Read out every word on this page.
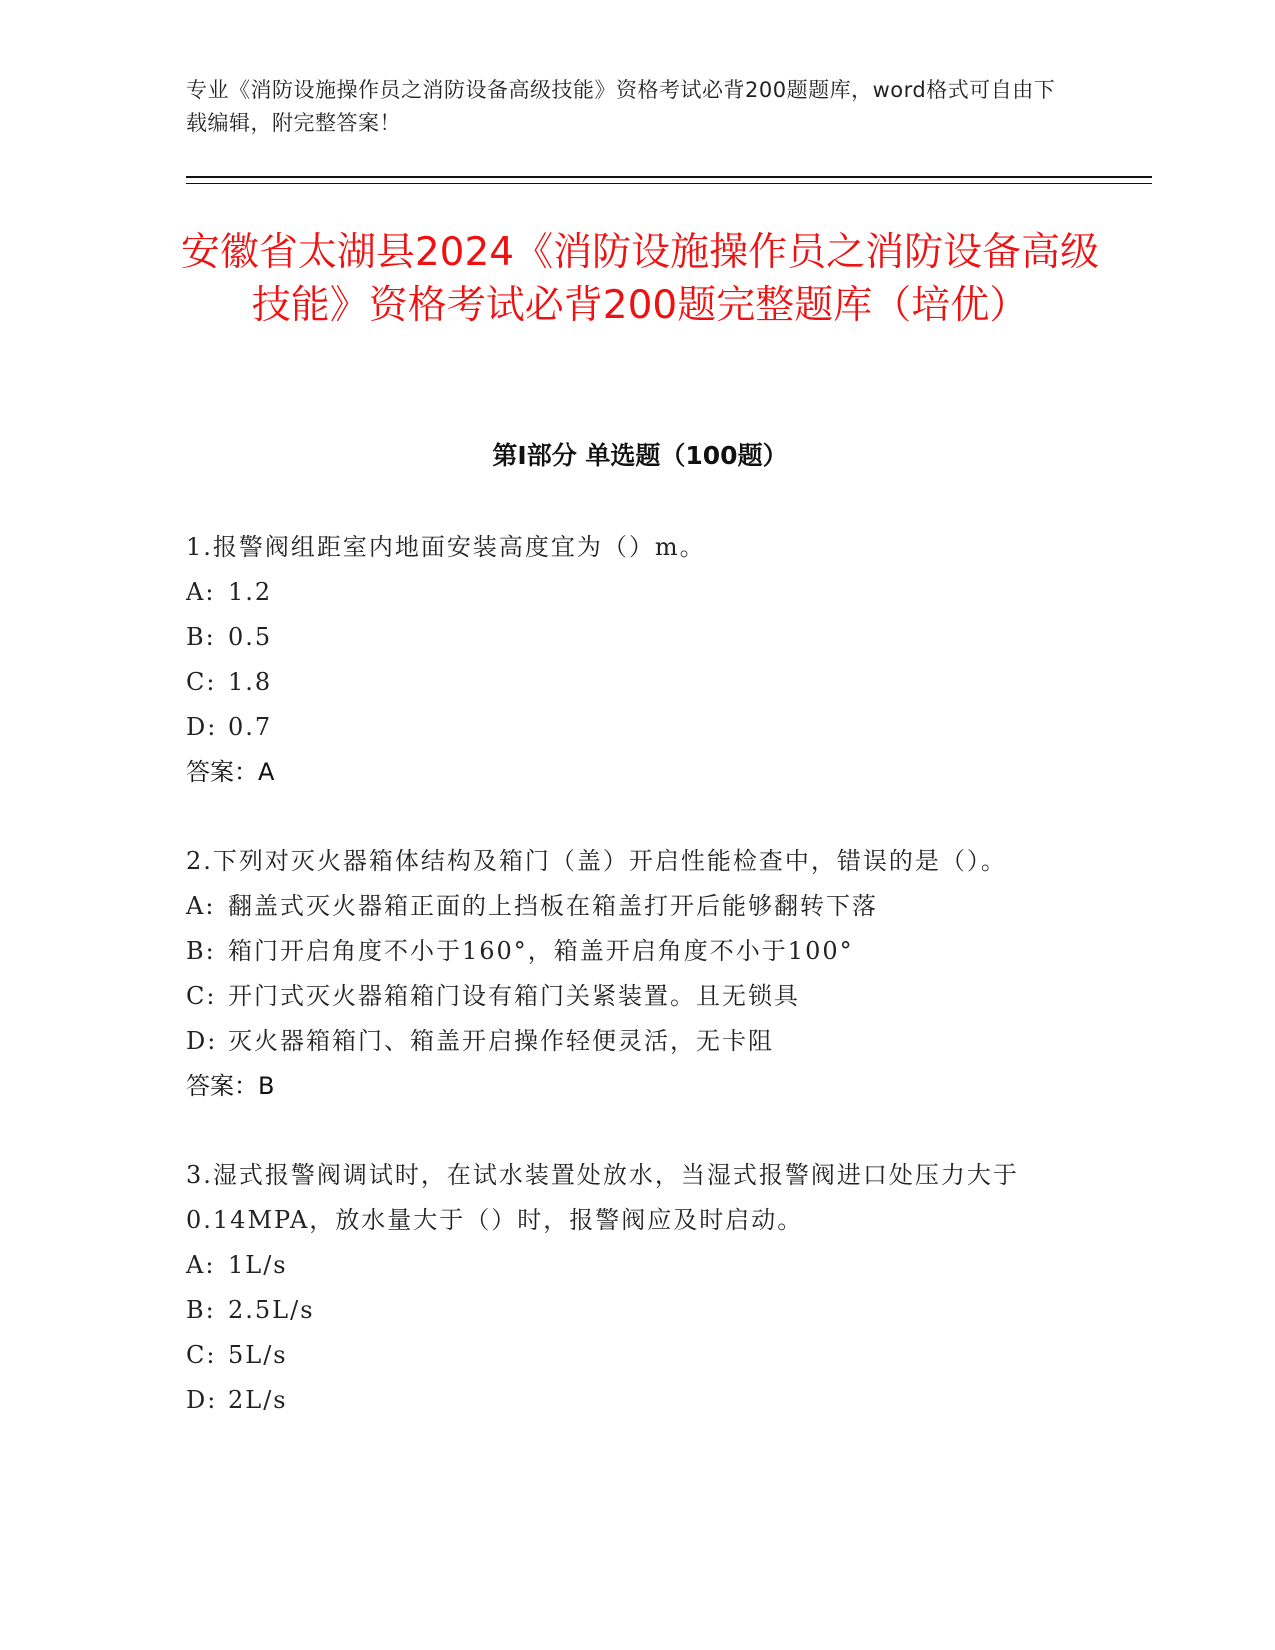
专业《消防设施操作员之消防设备高级技能》资格考试必背200题题库，word格式可自由下载编辑，附完整答案！
安徽省太湖县2024《消防设施操作员之消防设备高级技能》资格考试必背200题完整题库（培优）
第Ⅰ部分 单选题（100题）
1.报警阀组距室内地面安装高度宜为（）m。
A: 1.2
B: 0.5
C: 1.8
D: 0.7
答案：A
2.下列对灭火器箱体结构及箱门（盖）开启性能检查中，错误的是（）。
A: 翻盖式灭火器箱正面的上挡板在箱盖打开后能够翻转下落
B: 箱门开启角度不小于160°，箱盖开启角度不小于100°
C: 开门式灭火器箱箱门设有箱门关紧装置。且无锁具
D: 灭火器箱箱门、箱盖开启操作轻便灵活，无卡阻
答案：B
3.湿式报警阀调试时，在试水装置处放水，当湿式报警阀进口处压力大于0.14MPA，放水量大于（）时，报警阀应及时启动。
A: 1L/s
B: 2.5L/s
C: 5L/s
D: 2L/s
